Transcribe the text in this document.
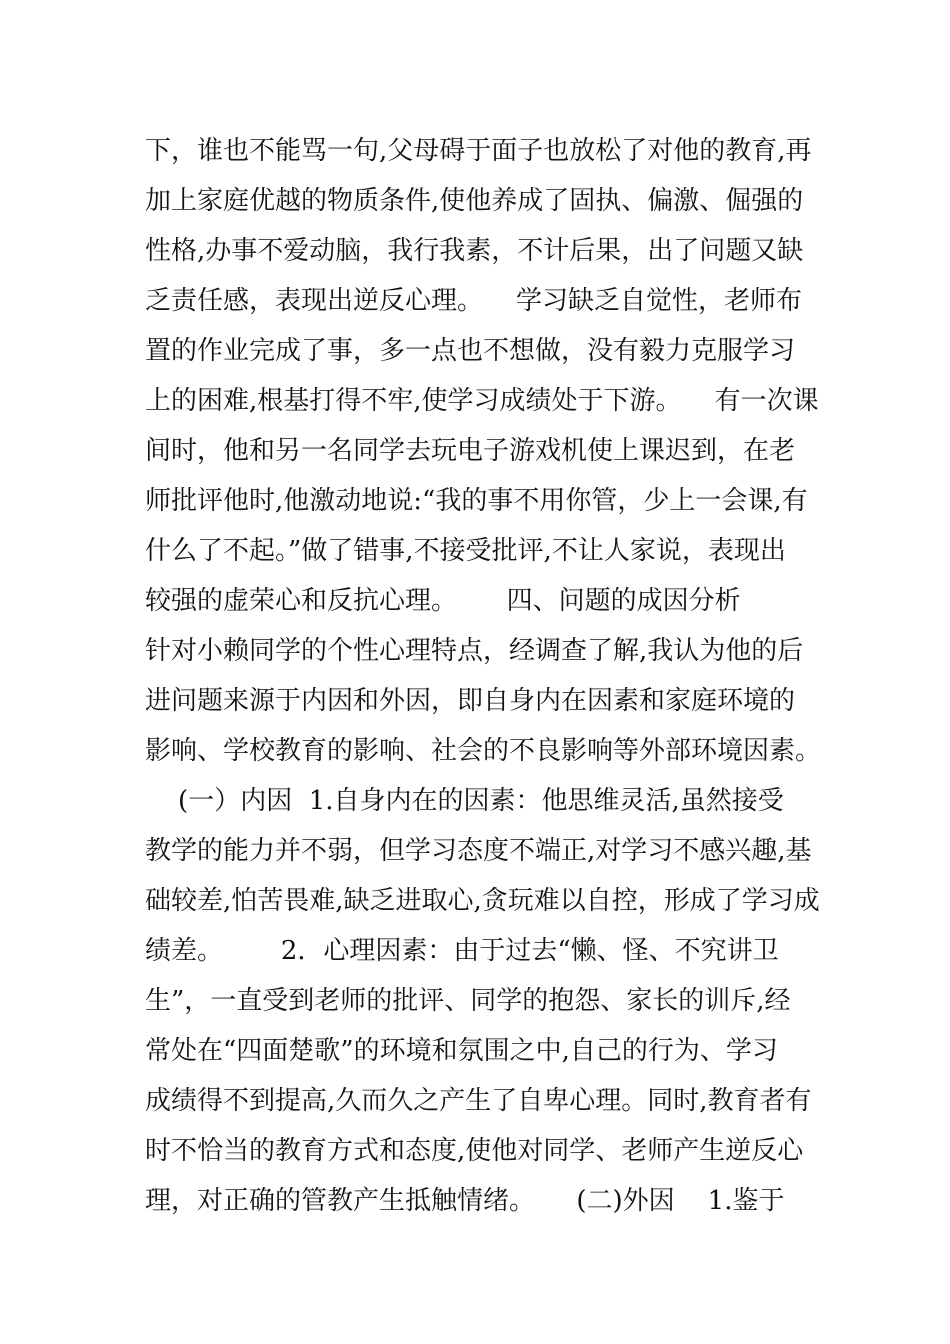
下，谁也不能骂一句,父母碍于面子也放松了对他的教育,再
加上家庭优越的物质条件,使他养成了固执、偏激、倔强的
性格,办事不爱动脑，我行我素，不计后果，出了问题又缺
乏责任感，表现出逆反心理。    学习缺乏自觉性，老师布
置的作业完成了事，多一点也不想做，没有毅力克服学习
上的困难,根基打得不牢,使学习成绩处于下游。    有一次课
间时，他和另一名同学去玩电子游戏机使上课迟到，在老
师批评他时,他激动地说:“我的事不用你管，少上一会课,有
什么了不起。”做了错事,不接受批评,不让人家说，表现出
较强的虚荣心和反抗心理。      四、问题的成因分析
针对小赖同学的个性心理特点，经调查了解,我认为他的后
进问题来源于内因和外因，即自身内在因素和家庭环境的
影响、学校教育的影响、社会的不良影响等外部环境因素。
(一）内因  1.自身内在的因素：他思维灵活,虽然接受
教学的能力并不弱，但学习态度不端正,对学习不感兴趣,基
础较差,怕苦畏难,缺乏进取心,贪玩难以自控，形成了学习成
绩差。       2．心理因素：由于过去“懒、怪、不究讲卫
生”，一直受到老师的批评、同学的抱怨、家长的训斥,经
常处在“四面楚歌”的环境和氛围之中,自己的行为、学习
成绩得不到提高,久而久之产生了自卑心理。同时,教育者有
时不恰当的教育方式和态度,使他对同学、老师产生逆反心
理，对正确的管教产生抵触情绪。     (二)外因    1.鉴于
